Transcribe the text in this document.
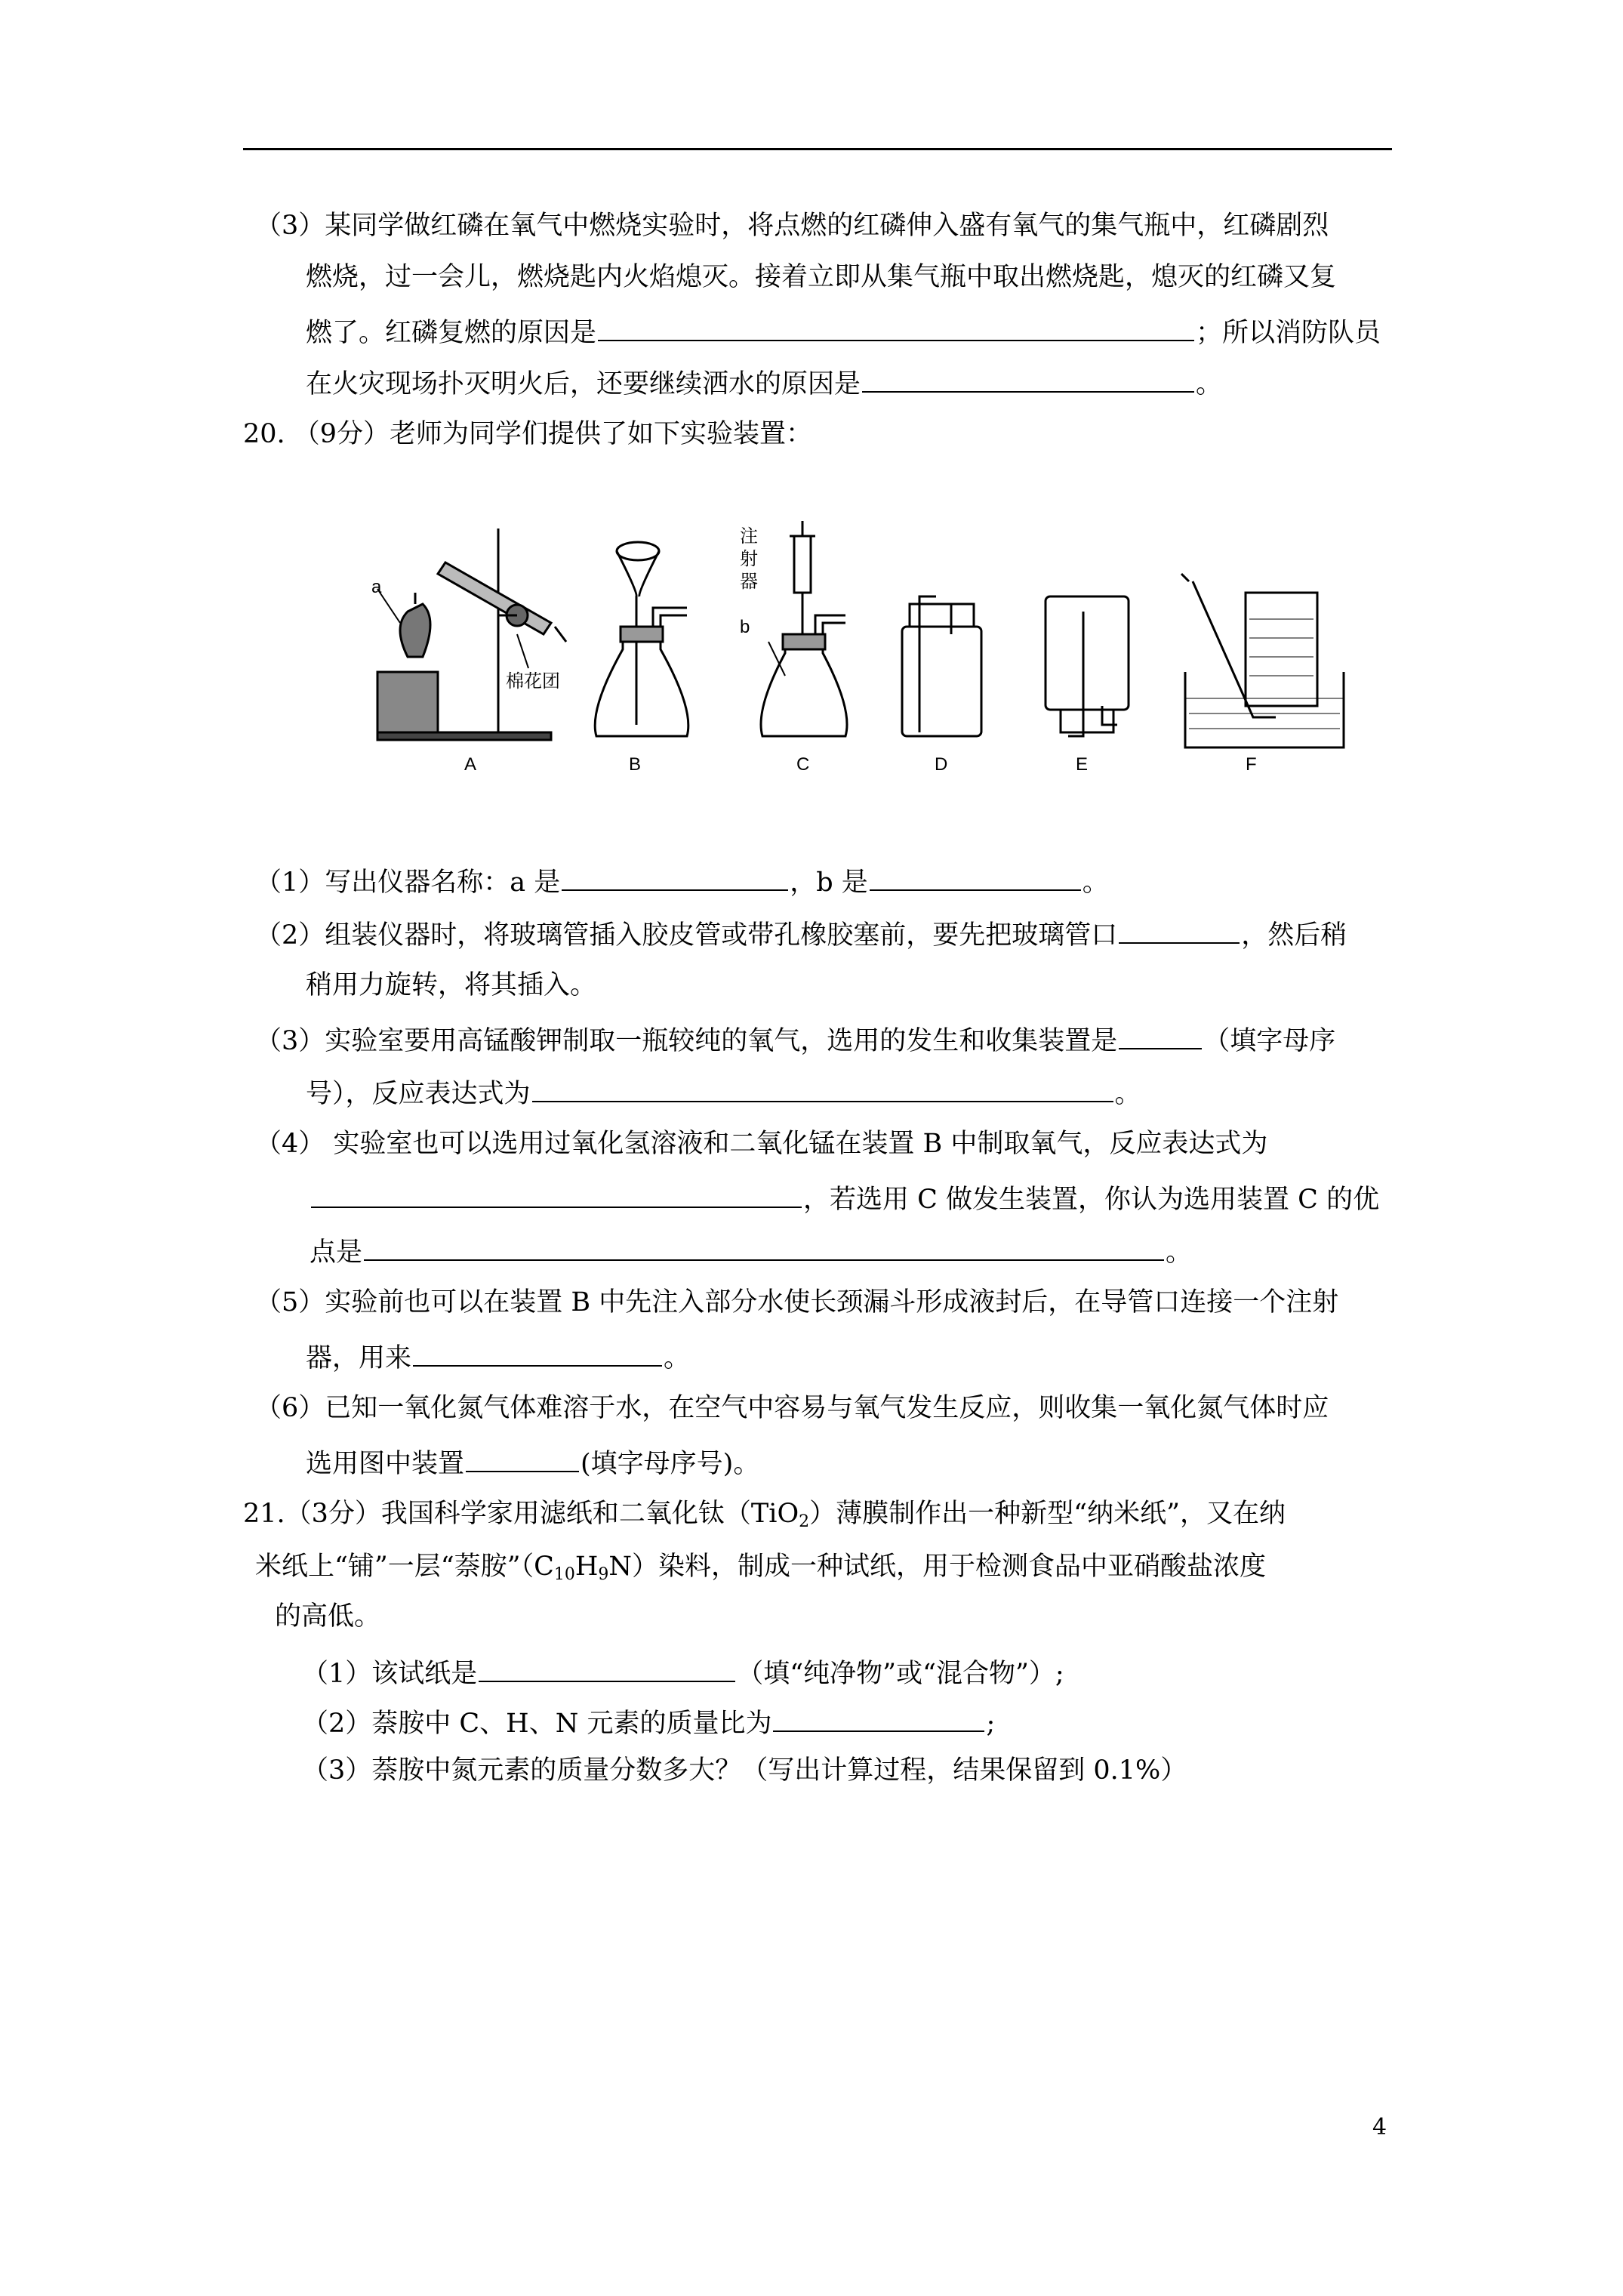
（3）某同学做红磷在氧气中燃烧实验时，将点燃的红磷伸入盛有氧气的集气瓶中，红磷剧烈
燃烧，过一会儿，燃烧匙内火焰熄灭。接着立即从集气瓶中取出燃烧匙，熄灭的红磷又复
燃了。红磷复燃的原因是	；所以消防队员
在火灾现场扑灭明火后，还要继续洒水的原因是	。
20. （9分）老师为同学们提供了如下实验装置：
a
棉花团
注
射
器
b
A	B	C	D	E	F
（1）写出仪器名称：a 是	，b 是	。
（2）组装仪器时，将玻璃管插入胶皮管或带孔橡胶塞前，要先把玻璃管口	，然后稍
稍用力旋转，将其插入。
（3）实验室要用高锰酸钾制取一瓶较纯的氧气，选用的发生和收集装置是	（填字母序
号），反应表达式为	。
（4） 实验室也可以选用过氧化氢溶液和二氧化锰在装置 B 中制取氧气，反应表达式为
，若选用 C 做发生装置，你认为选用装置 C 的优
点是	。
（5）实验前也可以在装置 B 中先注入部分水使长颈漏斗形成液封后，在导管口连接一个注射
器，用来	。
（6）已知一氧化氮气体难溶于水，在空气中容易与氧气发生反应，则收集一氧化氮气体时应
选用图中装置	(填字母序号)。
21.（3分）我国科学家用滤纸和二氧化钛（TiO$_2$）薄膜制作出一种新型“纳米纸”，又在纳
米纸上“铺”一层“萘胺$”(C_{10}H_9N)$染料，制成一种试纸，用于检测食品中亚硝酸盐浓度
的高低。
（1）该试纸是	（填“纯净物”或“混合物”）;
（2）萘胺中 C、H、N 元素的质量比为	;
（3）萘胺中氮元素的质量分数多大？（写出计算过程，结果保留到 0.1%）
4
